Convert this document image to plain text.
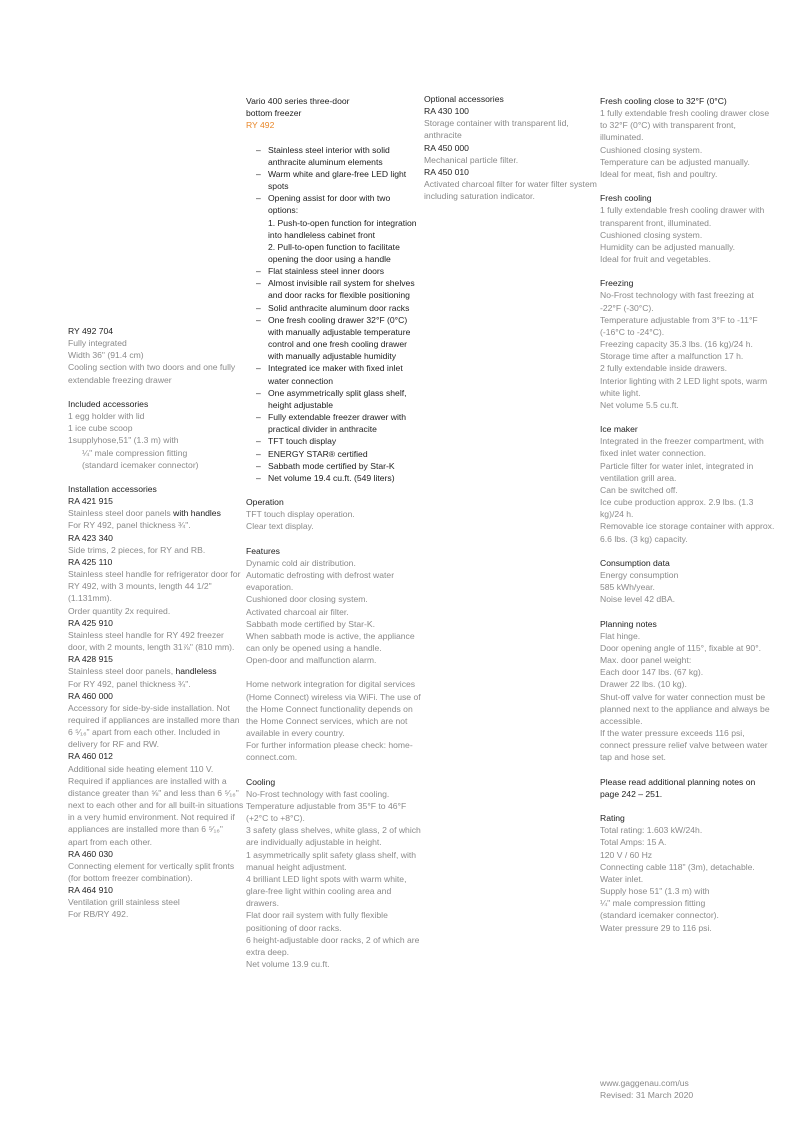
RY 492 704
Fully integrated
Width 36" (91.4 cm)
Cooling section with two doors and one fully extendable freezing drawer
Included accessories
1 egg holder with lid
1 ice cube scoop
1supplyhose,51" (1.3 m) with
¼" male compression fitting
(standard icemaker connector)
Installation accessories
RA 421 915
Stainless steel door panels with handles
For RY 492, panel thickness ¾".
RA 423 340
Side trims, 2 pieces, for RY and RB.
RA 425 110
Stainless steel handle for refrigerator door for RY 492, with 3 mounts, length 44 1/2" (1.131mm).
Order quantity 2x required.
RA 425 910
Stainless steel handle for RY 492 freezer door, with 2 mounts, length 31⅞" (810 mm).
RA 428 915
Stainless steel door panels, handleless
For RY 492, panel thickness ¾".
RA 460 000
Accessory for side-by-side installation. Not required if appliances are installed more than 6 ⁵⁄₁₆" apart from each other. Included in delivery for RF and RW.
RA 460 012
Additional side heating element 110 V. Required if appliances are installed with a distance greater than ⅝" and less than 6 ⁵⁄₁₆" next to each other and for all built-in situations in a very humid environment. Not required if appliances are installed more than 6 ⁵⁄₁₆" apart from each other.
RA 460 030
Connecting element for vertically split fronts (for bottom freezer combination).
RA 464 910
Ventilation grill stainless steel
For RB/RY 492.
Vario 400 series three-door
bottom freezer
RY 492
– Stainless steel interior with solid anthracite aluminum elements
– Warm white and glare-free LED light spots
– Opening assist for door with two options:
1. Push-to-open function for integration into handleless cabinet front
2. Pull-to-open function to facilitate opening the door using a handle
– Flat stainless steel inner doors
– Almost invisible rail system for shelves and door racks for flexible positioning
– Solid anthracite aluminum door racks
– One fresh cooling drawer 32°F (0°C) with manually adjustable temperature control and one fresh cooling drawer with manually adjustable humidity
– Integrated ice maker with fixed inlet water connection
– One asymmetrically split glass shelf, height adjustable
– Fully extendable freezer drawer with practical divider in anthracite
– TFT touch display
– ENERGY STAR® certified
– Sabbath mode certified by Star-K
– Net volume 19.4 cu.ft. (549 liters)
Operation
TFT touch display operation.
Clear text display.
Features
Dynamic cold air distribution.
Automatic defrosting with defrost water evaporation.
Cushioned door closing system.
Activated charcoal air filter.
Sabbath mode certified by Star-K.
When sabbath mode is active, the appliance can only be opened using a handle.
Open-door and malfunction alarm.
Home network integration for digital services (Home Connect) wireless via WiFi. The use of the Home Connect functionality depends on the Home Connect services, which are not available in every country.
For further information please check: home-connect.com.
Cooling
No-Frost technology with fast cooling.
Temperature adjustable from 35°F to 46°F (+2°C to +8°C).
3 safety glass shelves, white glass, 2 of which are individually adjustable in height.
1 asymmetrically split safety glass shelf, with manual height adjustment.
4 brilliant LED light spots with warm white, glare-free light within cooling area and drawers.
Flat door rail system with fully flexible positioning of door racks.
6 height-adjustable door racks, 2 of which are extra deep.
Net volume 13.9 cu.ft.
Optional accessories
RA 430 100
Storage container with transparent lid, anthracite
RA 450 000
Mechanical particle filter.
RA 450 010
Activated charcoal filter for water filter system including saturation indicator.
Fresh cooling close to 32°F (0°C)
1 fully extendable fresh cooling drawer close to 32°F (0°C) with transparent front, illuminated.
Cushioned closing system.
Temperature can be adjusted manually.
Ideal for meat, fish and poultry.
Fresh cooling
1 fully extendable fresh cooling drawer with transparent front, illuminated.
Cushioned closing system.
Humidity can be adjusted manually.
Ideal for fruit and vegetables.
Freezing
No-Frost technology with fast freezing at -22°F (-30°C).
Temperature adjustable from 3°F to -11°F (-16°C to -24°C).
Freezing capacity 35.3 lbs. (16 kg)/24 h.
Storage time after a malfunction 17 h.
2 fully extendable inside drawers.
Interior lighting with 2 LED light spots, warm white light.
Net volume 5.5 cu.ft.
Ice maker
Integrated in the freezer compartment, with fixed inlet water connection.
Particle filter for water inlet, integrated in ventilation grill area.
Can be switched off.
Ice cube production approx. 2.9 lbs. (1.3 kg)/24 h.
Removable ice storage container with approx. 6.6 lbs. (3 kg) capacity.
Consumption data
Energy consumption
585 kWh/year.
Noise level 42 dBA.
Planning notes
Flat hinge.
Door opening angle of 115°, fixable at 90°.
Max. door panel weight:
Each door 147 lbs. (67 kg).
Drawer 22 lbs. (10 kg).
Shut-off valve for water connection must be planned next to the appliance and always be accessible.
If the water pressure exceeds 116 psi, connect pressure relief valve between water tap and hose set.
Please read additional planning notes on page 242 – 251.
Rating
Total rating: 1.603 kW/24h.
Total Amps: 15 A.
120 V / 60 Hz
Connecting cable 118" (3m), detachable.
Water inlet.
Supply hose 51" (1.3 m) with
¼" male compression fitting
(standard icemaker connector).
Water pressure 29 to 116 psi.
www.gaggenau.com/us
Revised: 31 March 2020
